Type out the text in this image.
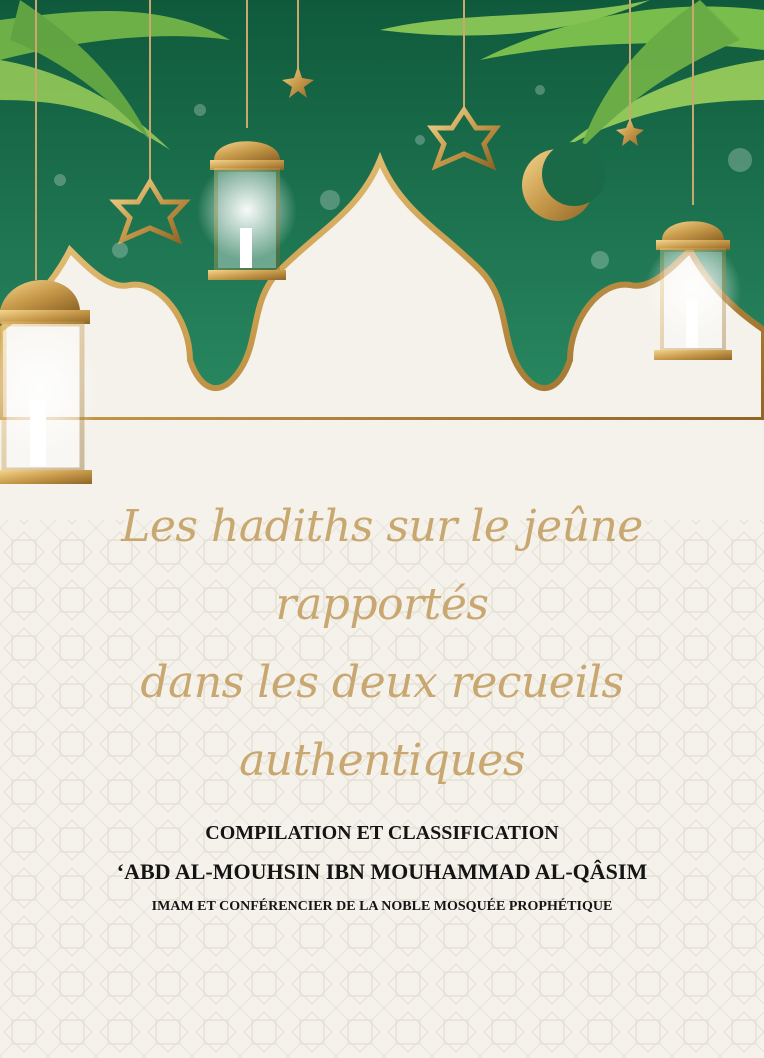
Les hadiths sur le jeûne rapportés
dans les deux recueils authentiques
COMPILATION ET CLASSIFICATION
‘ABD AL-MOUHSIN IBN MOUHAMMAD AL-QÂSIM
IMAM ET CONFÉRENCIER DE LA NOBLE MOSQUÉE PROPHÉTIQUE
